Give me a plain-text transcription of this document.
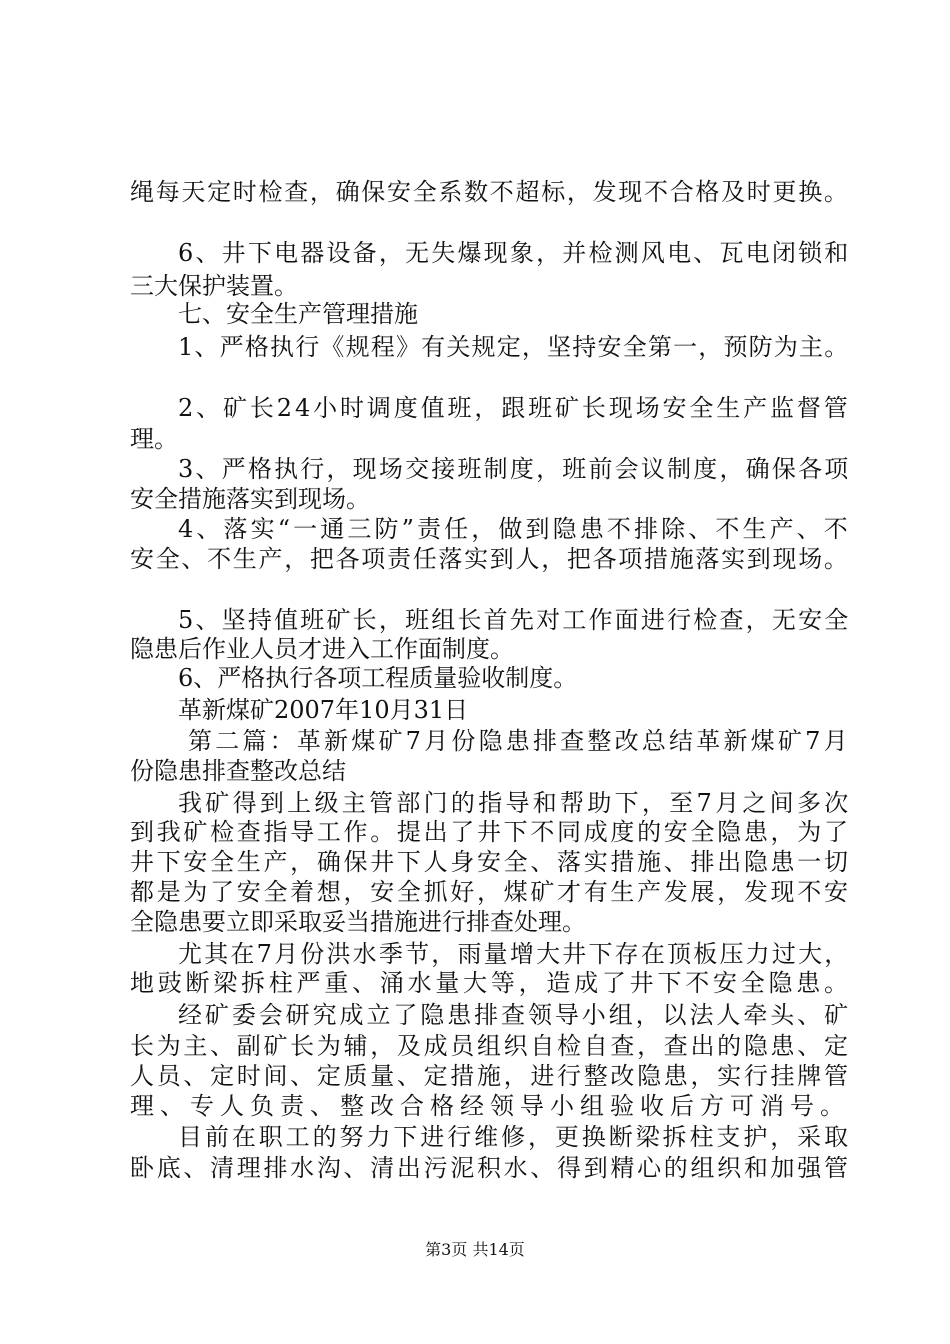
绳每天定时检查，确保安全系数不超标，发现不合格及时更换。
6、井下电器设备，无失爆现象，并检测风电、瓦电闭锁和
三大保护装置。
七、安全生产管理措施
1、严格执行《规程》有关规定，坚持安全第一，预防为主。
2、矿长24小时调度值班，跟班矿长现场安全生产监督管
理。
3、严格执行，现场交接班制度，班前会议制度，确保各项
安全措施落实到现场。
4、落实“一通三防”责任，做到隐患不排除、不生产、不
安全、不生产，把各项责任落实到人，把各项措施落实到现场。
5、坚持值班矿长，班组长首先对工作面进行检查，无安全
隐患后作业人员才进入工作面制度。
6、严格执行各项工程质量验收制度。
革新煤矿2007年10月31日
第二篇：革新煤矿7月份隐患排查整改总结革新煤矿7月
份隐患排查整改总结
我矿得到上级主管部门的指导和帮助下，至7月之间多次
到我矿检查指导工作。提出了井下不同成度的安全隐患，为了
井下安全生产，确保井下人身安全、落实措施、排出隐患一切
都是为了安全着想，安全抓好，煤矿才有生产发展，发现不安
全隐患要立即采取妥当措施进行排查处理。
尤其在7月份洪水季节，雨量增大井下存在顶板压力过大，
地豉断梁拆柱严重、涌水量大等，造成了井下不安全隐患。
经矿委会研究成立了隐患排查领导小组，以法人牵头、矿
长为主、副矿长为辅，及成员组织自检自查，查出的隐患、定
人员、定时间、定质量、定措施，进行整改隐患，实行挂牌管
理、专人负责、整改合格经领导小组验收后方可消号。
目前在职工的努力下进行维修，更换断梁拆柱支护，采取
卧底、清理排水沟、清出污泥积水、得到精心的组织和加强管
第3页 共14页
